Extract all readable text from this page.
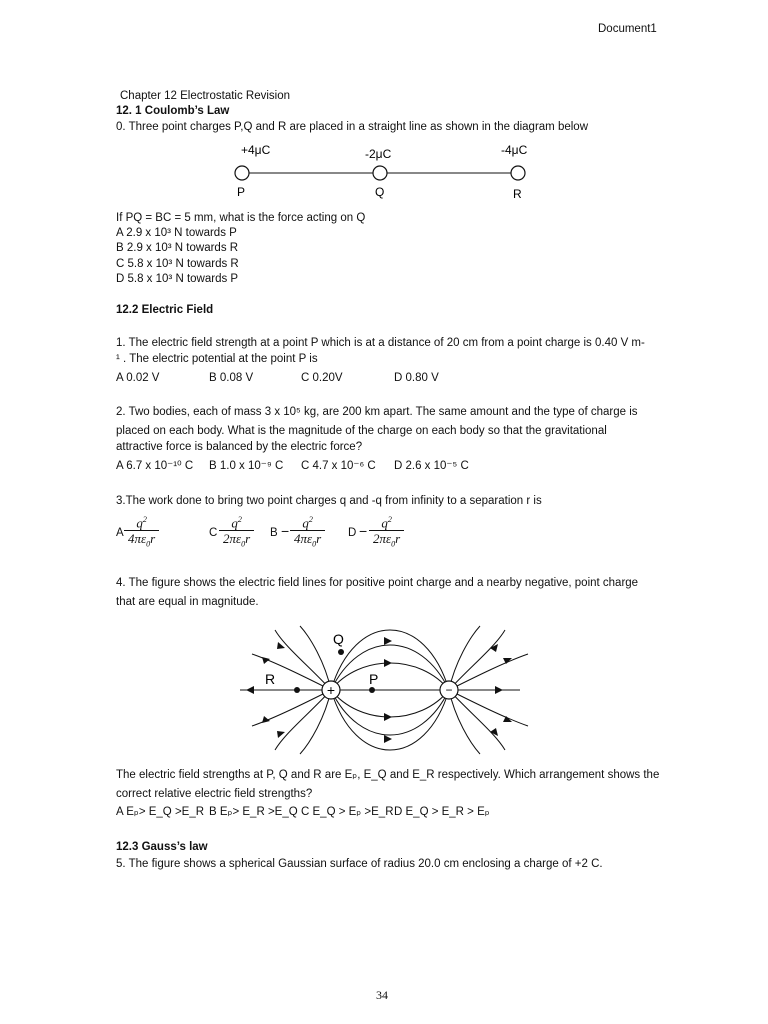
Document1
Chapter 12 Electrostatic Revision
12. 1 Coulomb’s Law
0. Three point charges P,Q and R are placed in a straight line as shown in the diagram below
+4μC	-2μC	-4μC
P	Q	R
If PQ = BC = 5 mm, what is the force acting on Q
A 2.9 x 10³ N towards P
B 2.9 x 10³ N towards R
C 5.8 x 10³ N towards R
D 5.8 x 10³ N towards P
12.2 Electric Field
1. The electric field strength at a point P which is at a distance of 20 cm from a point charge is 0.40 V m-
¹ . The electric potential at the point P is
A 0.02 V	B 0.08 V	C 0.20V	D 0.80 V
2. Two bodies, each of mass 3 x 10⁵ kg, are 200 km apart. The same amount and the type of charge is
placed on each body. What is the magnitude of the charge on each body so that the gravitational
attractive force is balanced by the electric force?
A 6.7 x 10⁻¹⁰ C B 1.0 x 10⁻⁹ C C 4.7 x 10⁻⁶ C D 2.6 x 10⁻⁵ C
3.The work done to bring two point charges q and -q from infinity to a separation r is
A $\frac{q^2}{4\pi\varepsilon_0r}$	C $\frac{q^2}{2\pi\varepsilon_0r}$ $B - \frac{q^2}{4\pi\varepsilon_0r}$ $D - \frac{q^2}{2\pi\varepsilon_0r}$
4. The figure shows the electric field lines for positive point charge and a nearby negative, point charge
that are equal in magnitude.
+	−
Q
R	P
The electric field strengths at P, Q and R are Eₚ, E_Q and E_R respectively. Which arrangement shows the
correct relative electric field strengths?
A Eₚ> E_Q >E_R B Eₚ> E_R >E_Q C E_Q > Eₚ >E_R D E_Q > E_R > Eₚ
12.3 Gauss’s law
5. The figure shows a spherical Gaussian surface of radius 20.0 cm enclosing a charge of +2 C.
34
